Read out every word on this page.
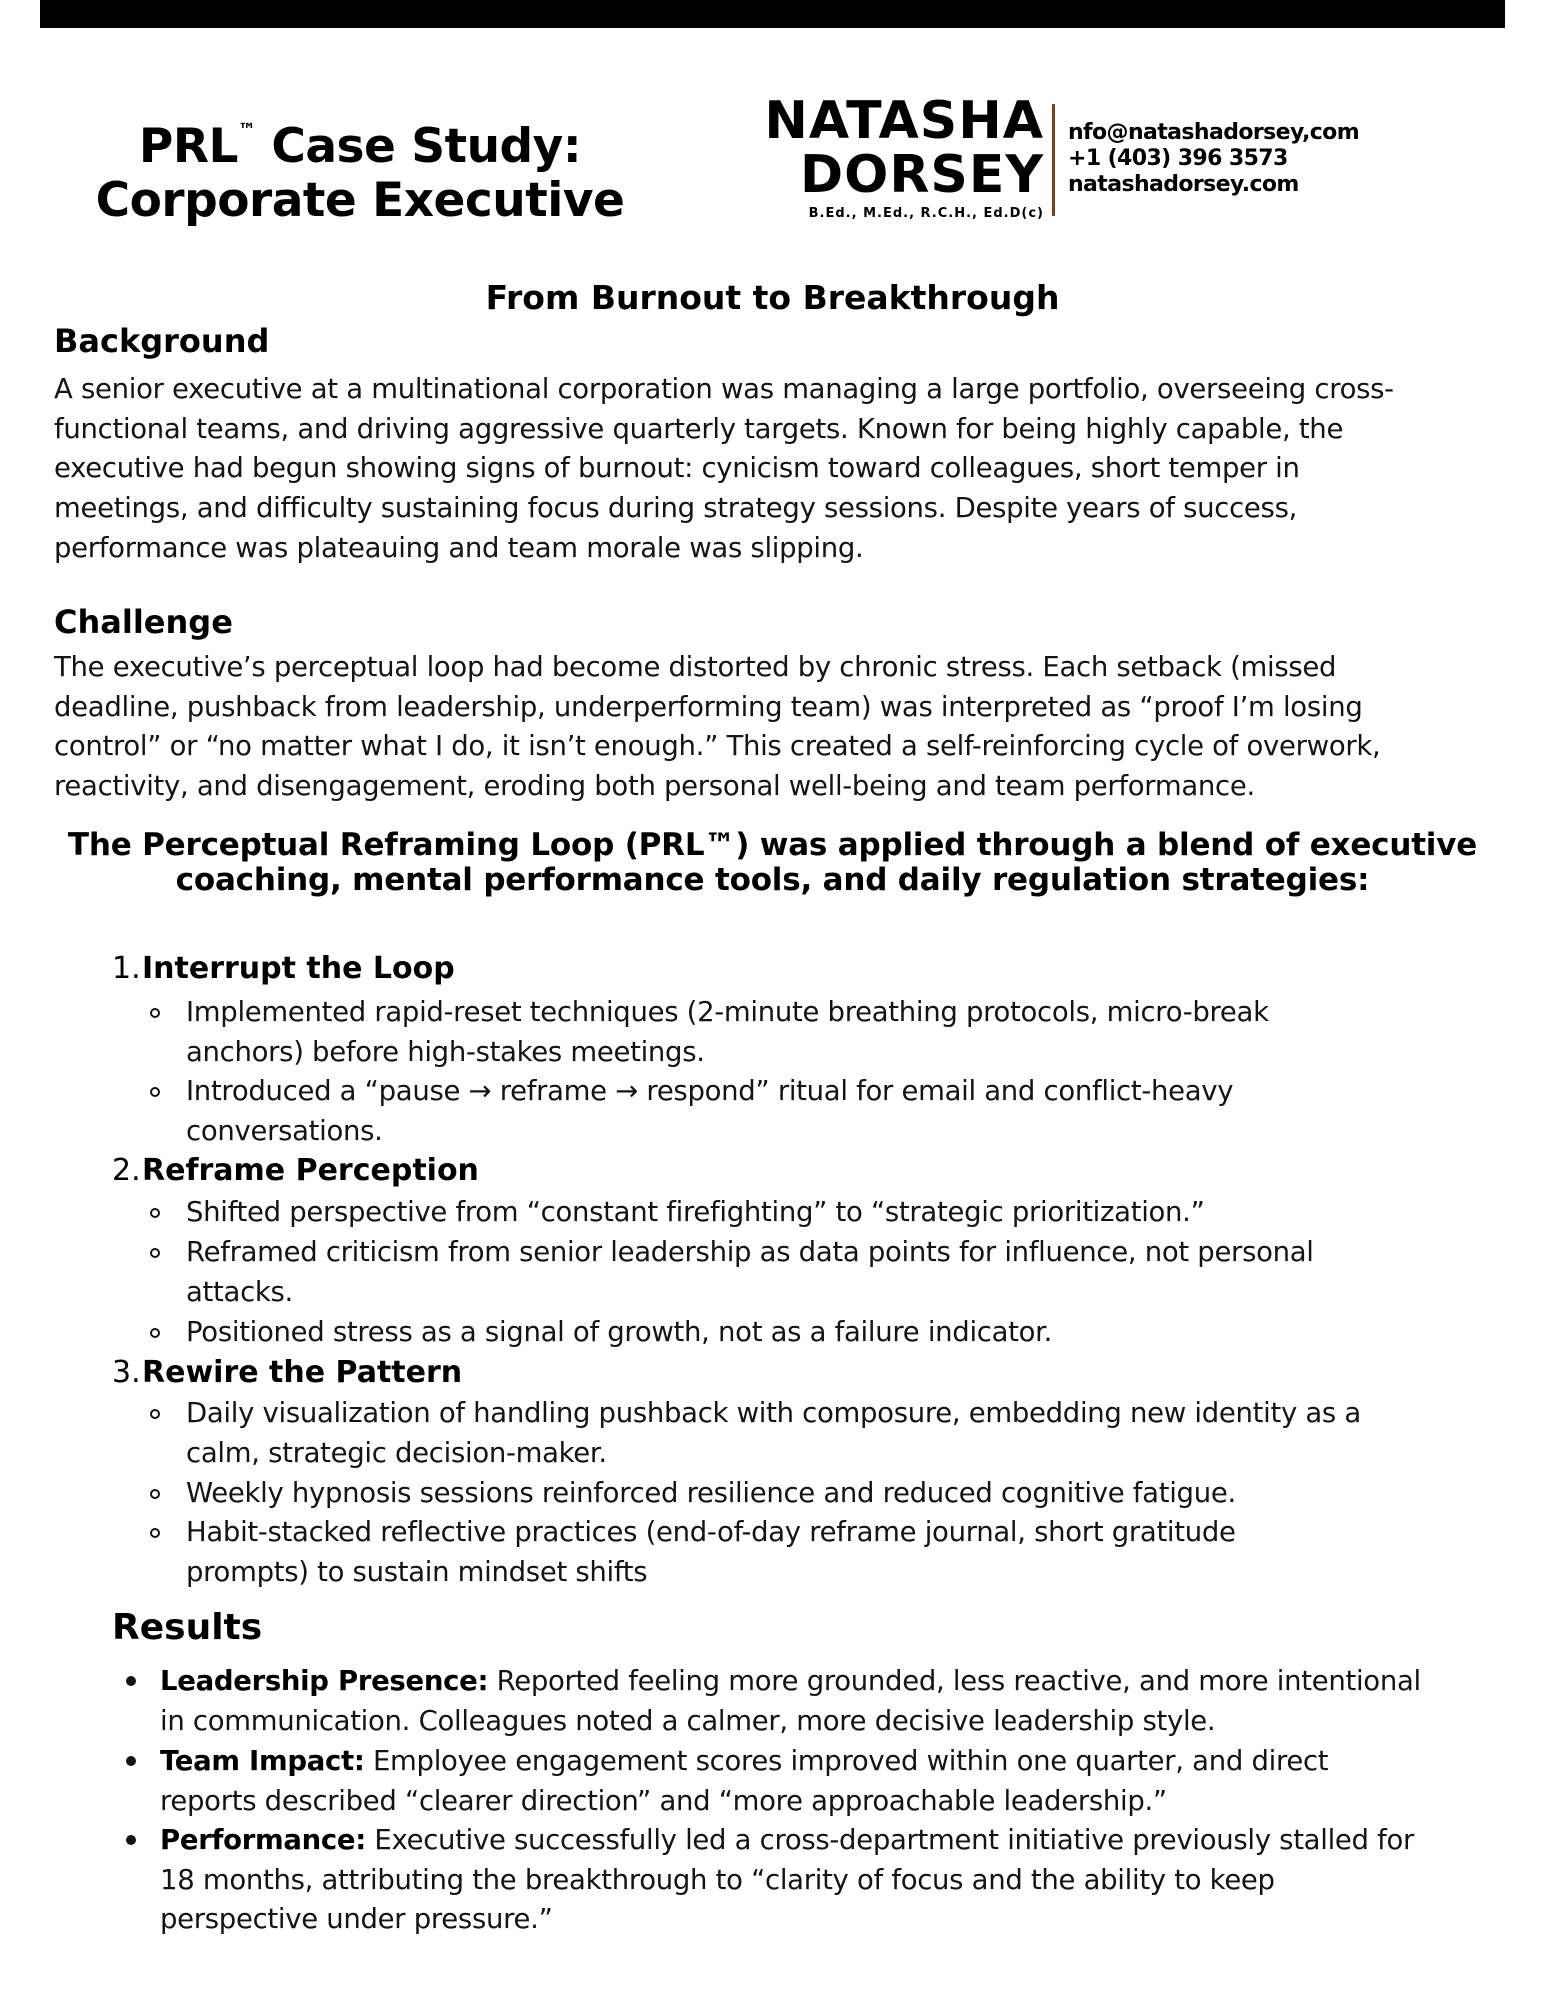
PRL™ Case Study:
Corporate Executive
NATASHA
DORSEY
B.Ed., M.Ed., R.C.H., Ed.D(c)
nfo@natashadorsey,com
+1 (403) 396 3573
natashadorsey.com
From Burnout to Breakthrough
Background
A senior executive at a multinational corporation was managing a large portfolio, overseeing cross-
functional teams, and driving aggressive quarterly targets. Known for being highly capable, the
executive had begun showing signs of burnout: cynicism toward colleagues, short temper in
meetings, and difficulty sustaining focus during strategy sessions. Despite years of success,
performance was plateauing and team morale was slipping.
Challenge
The executive’s perceptual loop had become distorted by chronic stress. Each setback (missed
deadline, pushback from leadership, underperforming team) was interpreted as “proof I’m losing
control” or “no matter what I do, it isn’t enough.” This created a self-reinforcing cycle of overwork,
reactivity, and disengagement, eroding both personal well-being and team performance.
The Perceptual Reframing Loop (PRL™) was applied through a blend of executive
coaching, mental performance tools, and daily regulation strategies:
1.Interrupt the Loop
Implemented rapid-reset techniques (2-minute breathing protocols, micro-break
anchors) before high-stakes meetings.
Introduced a “pause → reframe → respond” ritual for email and conflict-heavy
conversations.
2.Reframe Perception
Shifted perspective from “constant firefighting” to “strategic prioritization.”
Reframed criticism from senior leadership as data points for influence, not personal
attacks.
Positioned stress as a signal of growth, not as a failure indicator.
3.Rewire the Pattern
Daily visualization of handling pushback with composure, embedding new identity as a
calm, strategic decision-maker.
Weekly hypnosis sessions reinforced resilience and reduced cognitive fatigue.
Habit-stacked reflective practices (end-of-day reframe journal, short gratitude
prompts) to sustain mindset shifts
Results
Leadership Presence: Reported feeling more grounded, less reactive, and more intentional
in communication. Colleagues noted a calmer, more decisive leadership style.
Team Impact: Employee engagement scores improved within one quarter, and direct
reports described “clearer direction” and “more approachable leadership.”
Performance: Executive successfully led a cross-department initiative previously stalled for
18 months, attributing the breakthrough to “clarity of focus and the ability to keep
perspective under pressure.”
